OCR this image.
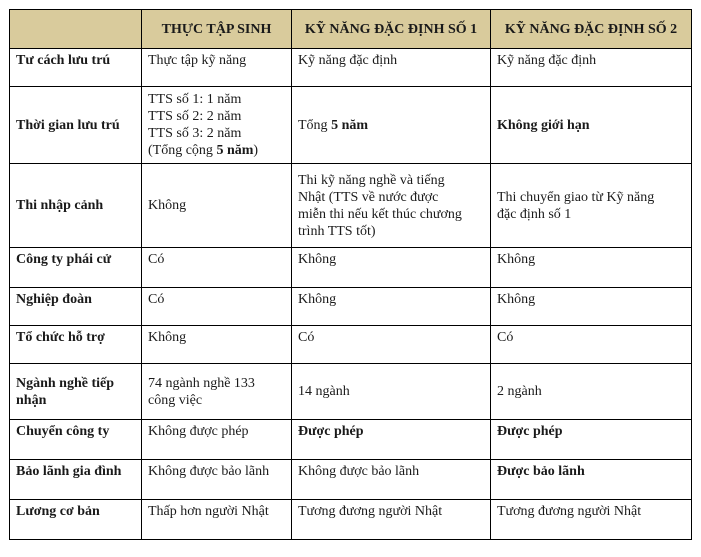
	THỰC TẬP SINH	KỸ NĂNG ĐẶC ĐỊNH SỐ 1	KỸ NĂNG ĐẶC ĐỊNH SỐ 2
Tư cách lưu trú	Thực tập kỹ năng	Kỹ năng đặc định	Kỹ năng đặc định
Thời gian lưu trú	TTS số 1: 1 năm
TTS số 2: 2 năm
TTS số 3: 2 năm
(Tổng cộng 5 năm)	Tổng 5 năm	Không giới hạn
Thi nhập cảnh	Không	Thi kỹ năng nghề và tiếng
Nhật (TTS về nước được
miễn thi nếu kết thúc chương
trình TTS tốt)	Thi chuyển giao từ Kỹ năng
đặc định số 1

Công ty phái cử	Có	Không	Không
Nghiệp đoàn	Có	Không	Không
Tổ chức hỗ trợ	Không	Có	Có

Ngành nghề tiếp
nhận	74 ngành nghề 133
công việc	14 ngành	2 ngành
Chuyển công ty	Không được phép	Được phép	Được phép
Bảo lãnh gia đình	Không được bảo lãnh	Không được bảo lãnh	Được bảo lãnh
Lương cơ bản	Thấp hơn người Nhật	Tương đương người Nhật	Tương đương người Nhật
